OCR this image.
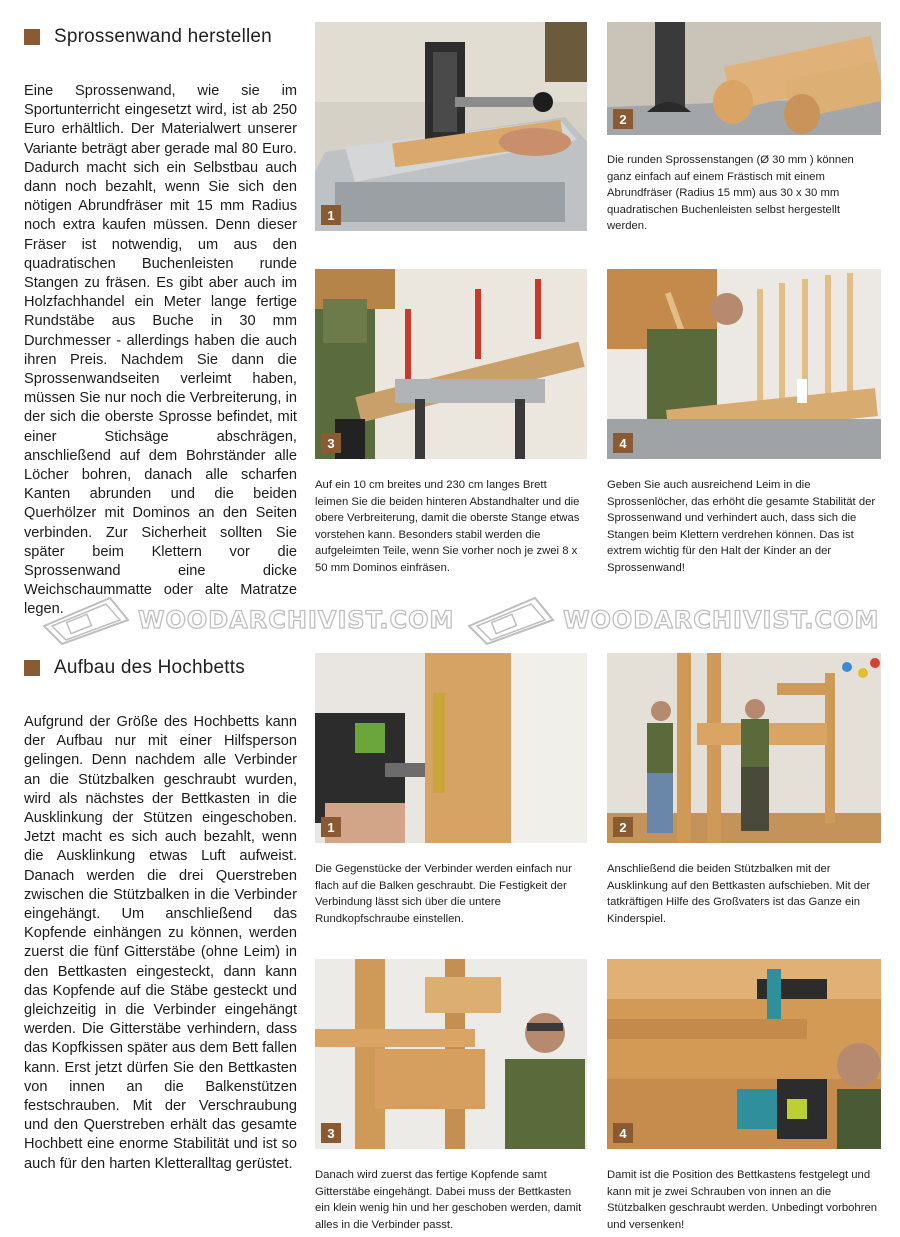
Sprossenwand herstellen
Eine Sprossenwand, wie sie im Sportunterricht eingesetzt wird, ist ab 250 Euro erhältlich. Der Materialwert unserer Variante beträgt aber gerade mal 80 Euro. Dadurch macht sich ein Selbstbau auch dann noch bezahlt, wenn Sie sich den nötigen Abrundfräser mit 15 mm Radius noch extra kaufen müssen. Denn dieser Fräser ist notwendig, um aus den quadratischen Buchenleisten runde Stangen zu fräsen. Es gibt aber auch im Holzfachhandel ein Meter lange fertige Rundstäbe aus Buche in 30 mm Durchmesser - allerdings haben die auch ihren Preis. Nachdem Sie dann die Sprossenwandseiten verleimt haben, müssen Sie nur noch die Verbreiterung, in der sich die oberste Sprosse befindet, mit einer Stichsäge abschrägen, anschließend auf dem Bohrständer alle Löcher bohren, danach alle scharfen Kanten abrunden und die beiden Querhölzer mit Dominos an den Seiten verbinden. Zur Sicherheit sollten Sie später beim Klettern vor die Sprossenwand eine dicke Weichschaummatte oder alte Matratze legen.
1
2
Die runden Sprossenstangen (Ø 30 mm ) können ganz einfach auf einem Frästisch mit einem Abrundfräser (Radius 15 mm) aus 30 x 30 mm quadratischen Buchenleisten selbst hergestellt werden.
3
Auf ein 10 cm breites und 230 cm langes Brett leimen Sie die beiden hinteren Abstandhalter und die obere Verbreiterung, damit die oberste Stange etwas vorstehen kann. Besonders stabil werden die aufgeleimten Teile, wenn Sie vorher noch je zwei 8 x 50 mm Dominos einfräsen.
4
Geben Sie auch ausreichend Leim in die Sprossenlöcher, das erhöht die gesamte Stabilität der Sprossenwand und verhindert auch, dass sich die Stangen beim Klettern verdrehen können. Das ist extrem wichtig für den Halt der Kinder an der Sprossenwand!
WOODARCHIVIST.COM	WOODARCHIVIST.COM
Aufbau des Hochbetts
Aufgrund der Größe des Hochbetts kann der Aufbau nur mit einer Hilfsperson gelingen. Denn nachdem alle Verbinder an die Stützbalken geschraubt wurden, wird als nächstes der Bettkasten in die Ausklinkung der Stützen eingeschoben. Jetzt macht es sich auch bezahlt, wenn die Ausklinkung etwas Luft aufweist. Danach werden die drei Querstreben zwischen die Stützbalken in die Verbinder eingehängt. Um anschließend das Kopfende einhängen zu können, werden zuerst die fünf Gitterstäbe (ohne Leim) in den Bettkasten eingesteckt, dann kann das Kopfende auf die Stäbe gesteckt und gleichzeitig in die Verbinder eingehängt werden. Die Gitterstäbe verhindern, dass das Kopfkissen später aus dem Bett fallen kann. Erst jetzt dürfen Sie den Bettkasten von innen an die Balkenstützen festschrauben. Mit der Verschraubung und den Querstreben erhält das gesamte Hochbett eine enorme Stabilität und ist so auch für den harten Kletteralltag gerüstet.
1
Die Gegenstücke der Verbinder werden einfach nur flach auf die Balken geschraubt. Die Festigkeit der Verbindung lässt sich über die untere Rundkopfschraube einstellen.
2
Anschließend die beiden Stützbalken mit der Ausklinkung auf den Bettkasten aufschieben. Mit der tatkräftigen Hilfe des Großvaters ist das Ganze ein Kinderspiel.
3
Danach wird zuerst das fertige Kopfende samt Gitterstäbe eingehängt. Dabei muss der Bettkasten ein klein wenig hin und her geschoben werden, damit alles in die Verbinder passt.
4
Damit ist die Position des Bettkastens festgelegt und kann mit je zwei Schrauben von innen an die Stützbalken geschraubt werden. Unbedingt vorbohren und versenken!
